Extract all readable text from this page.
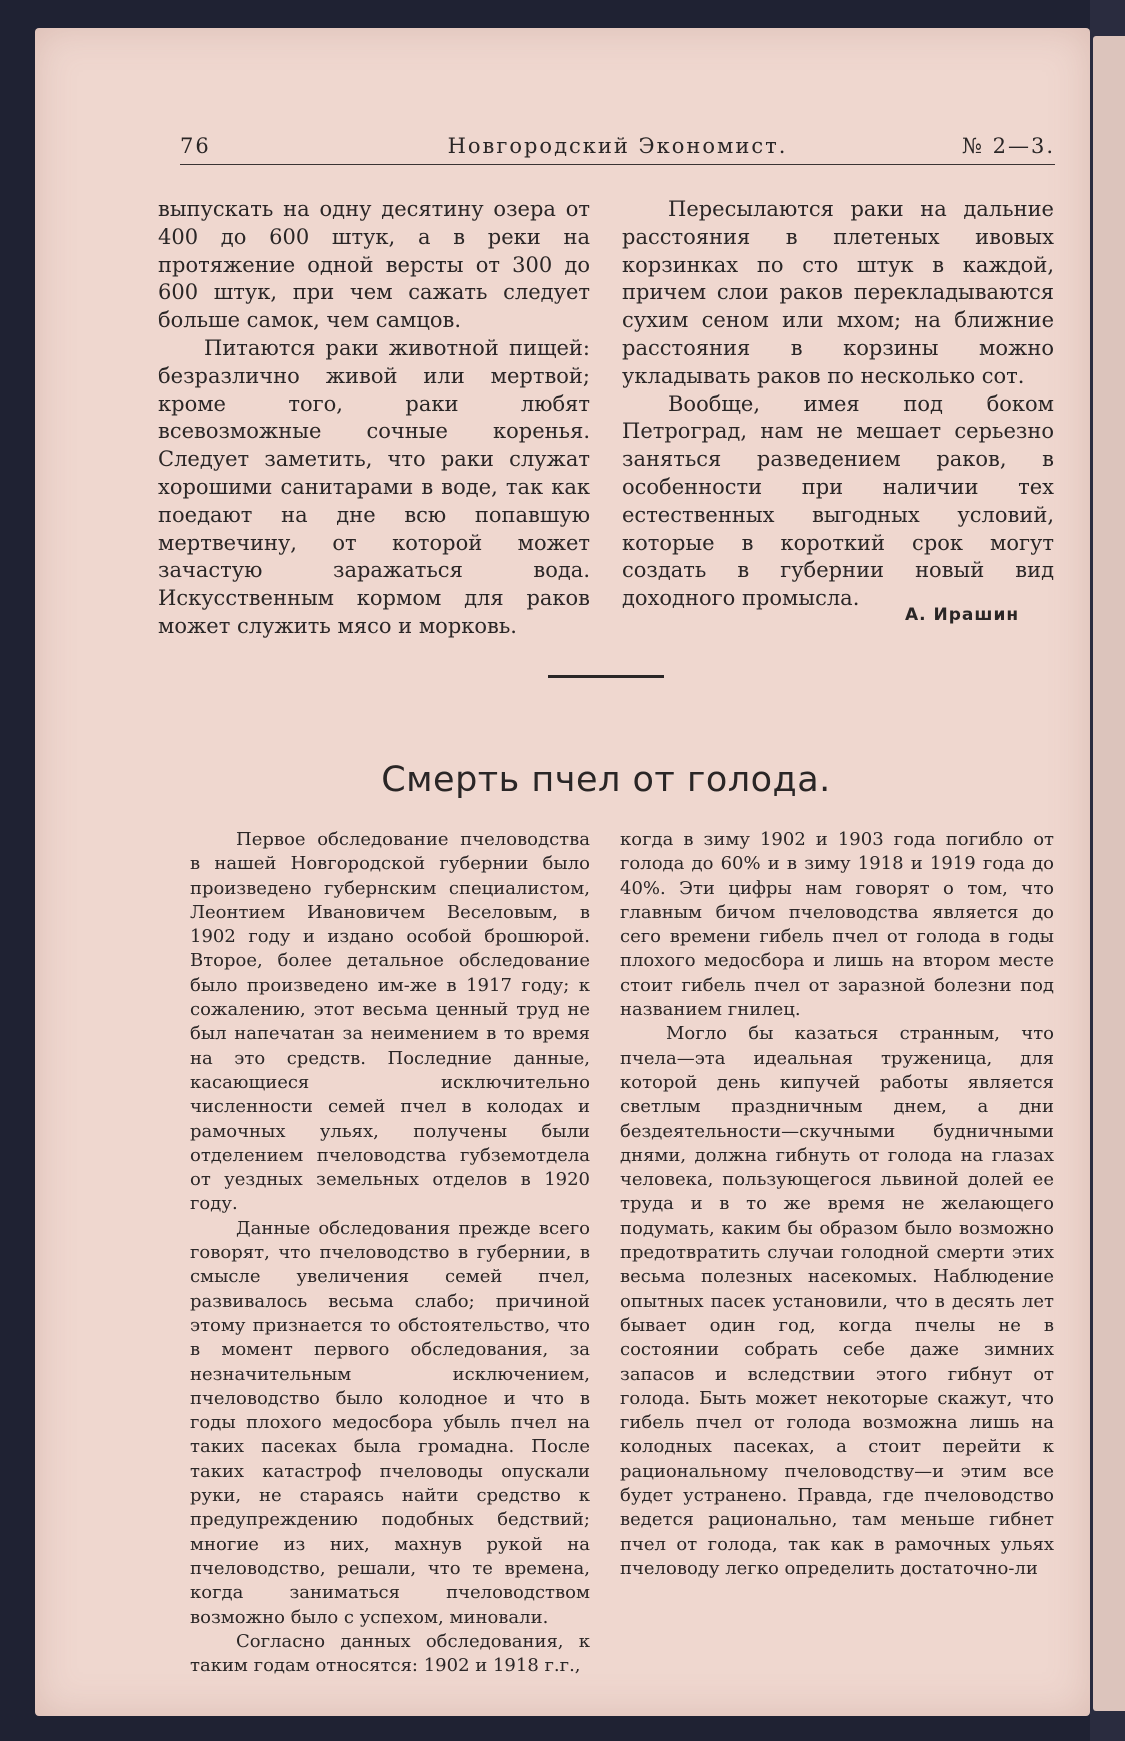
76	Новгородский Экономист.	№ 2—3.

выпускать на одну десятину озера от 400 до 600 штук, а в реки на протяжение одной версты от 300 до 600 штук, при чем сажать следует больше самок, чем самцов.

Питаются раки животной пищей: безразлично живой или мертвой; кроме того, раки любят всевозможные сочные коренья. Следует заметить, что раки служат хорошими санитарами в воде, так как поедают на дне всю попавшую мертвечину, от которой может зачастую заражаться вода. Искусственным кормом для раков может служить мясо и морковь.

Пересылаются раки на дальние расстояния в плетеных ивовых корзинках по сто штук в каждой, причем слои раков перекладываются сухим сеном или мхом; на ближние расстояния в корзины можно укладывать раков по несколько сот.

Вообще, имея под боком Петроград, нам не мешает серьезно заняться разведением раков, в особенности при наличии тех естественных выгодных условий, которые в короткий срок могут создать в губернии новый вид доходного промысла.

А. Ирашин
Смерть пчел от голода.

Первое обследование пчеловодства в нашей Новгородской губернии было произведено губернским специалистом, Леонтием Ивановичем Веселовым, в 1902 году и издано особой брошюрой. Второе, более детальное обследование было произведено им-же в 1917 году; к сожалению, этот весьма ценный труд не был напечатан за неимением в то время на это средств. Последние данные, касающиеся исключительно численности семей пчел в колодах и рамочных ульях, получены были отделением пчеловодства губземотдела от уездных земельных отделов в 1920 году.

Данные обследования прежде всего говорят, что пчеловодство в губернии, в смысле увеличения семей пчел, развивалось весьма слабо; причиной этому признается то обстоятельство, что в момент первого обследования, за незначительным исключением, пчеловодство было колодное и что в годы плохого медосбора убыль пчел на таких пасеках была громадна. После таких катастроф пчеловоды опускали руки, не стараясь найти средство к предупреждению подобных бедствий; многие из них, махнув рукой на пчеловодство, решали, что те времена, когда заниматься пчеловодством возможно было с успехом, миновали.

Согласно данных обследования, к таким годам относятся: 1902 и 1918 г.г.,

когда в зиму 1902 и 1903 года погибло от голода до 60% и в зиму 1918 и 1919 года до 40%. Эти цифры нам говорят о том, что главным бичом пчеловодства является до сего времени гибель пчел от голода в годы плохого медосбора и лишь на втором месте стоит гибель пчел от заразной болезни под названием гнилец.

Могло бы казаться странным, что пчела—эта идеальная труженица, для которой день кипучей работы является светлым праздничным днем, а дни бездеятельности—скучными будничными днями, должна гибнуть от голода на глазах человека, пользующегося львиной долей ее труда и в то же время не желающего подумать, каким бы образом было возможно предотвратить случаи голодной смерти этих весьма полезных насекомых. Наблюдение опытных пасек установили, что в десять лет бывает один год, когда пчелы не в состоянии собрать себе даже зимних запасов и вследствии этого гибнут от голода. Быть может некоторые скажут, что гибель пчел от голода возможна лишь на колодных пасеках, а стоит перейти к рациональному пчеловодству—и этим все будет устранено. Правда, где пчеловодство ведется рационально, там меньше гибнет пчел от голода, так как в рамочных ульях пчеловоду легко определить достаточно-ли
